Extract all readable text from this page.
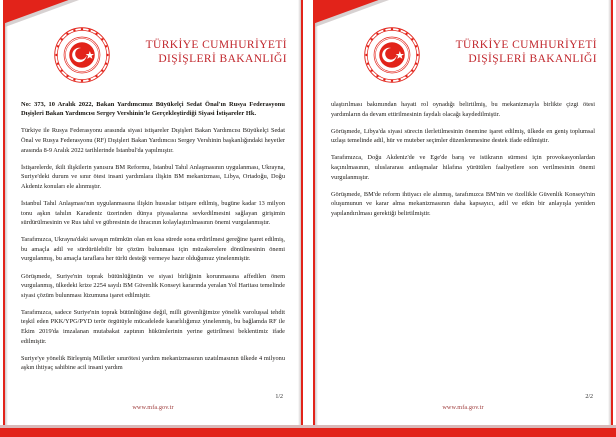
TÜRKİYE CUMHURİYETİ
DIŞİŞLERİ BAKANLIĞI
No: 373, 10 Aralık 2022, Bakan Yardımcımız Büyükelçi Sedat Önal'ın Rusya Federasyonu Dışişleri Bakan Yardımcısı Sergey Vershinin'le Gerçekleştirdiği Siyasi İstişareler Hk.

Türkiye ile Rusya Federasyonu arasında siyasi istişareler Dışişleri Bakan Yardımcısı Büyükelçi Sedat Önal ve Rusya Federasyonu (RF) Dışişleri Bakan Yardımcısı Sergey Vershinin başkanlığındaki heyetler arasında 8-9 Aralık 2022 tarihlerinde İstanbul'da yapılmıştır.

İstişarelerde, ikili ilişkilerin yanısıra BM Reformu, İstanbul Tahıl Anlaşmasının uygulanması, Ukrayna, Suriye'deki durum ve sınır ötesi insani yardımlara ilişkin BM mekanizması, Libya, Ortadoğu, Doğu Akdeniz konuları ele alınmıştır.

İstanbul Tahıl Anlaşması'nın uygulanmasına ilişkin hususlar istişare edilmiş, bugüne kadar 13 milyon tonu aşkın tahılın Karadeniz üzerinden dünya piyasalarına sevkedilmesini sağlayan girişimin sürdürülmesinin ve Rus tahıl ve gübresinin de ihracının kolaylaştırılmasının önemi vurgulanmıştır.

Tarafımızca, Ukrayna'daki savaşın mümkün olan en kısa sürede sona erdirilmesi gereğine işaret edilmiş, bu amaçla adil ve sürdürülebilir bir çözüm bulunması için müzakerelere dönülmesinin önemi vurgulanmış, bu amaçla taraflara her türlü desteği vermeye hazır olduğumuz yinelenmiştir.

Görüşmede, Suriye'nin toprak bütünlüğünün ve siyasi birliğinin korunmasına affedilen önem vurgulanmış, ülkedeki krize 2254 sayılı BM Güvenlik Konseyi kararında yeralan Yol Haritası temelinde siyasi çözüm bulunması lüzumuna işaret edilmiştir.

Tarafımızca, sadece Suriye'nin toprak bütünlüğüne değil, milli güvenliğimize yönelik varoluşsal tehdit teşkil eden PKK/YPG/PYD terör örgütüyle mücadelede kararlılığımız yinelenmiş, bu bağlamda RF ile Ekim 2019'da imzalanan mutabakat zaptının hükümlerinin yerine getirilmesi beklentimiz ifade edilmiştir.

Suriye'ye yönelik Birleşmiş Milletler sınırötesi yardım mekanizmasının uzatılmasının ülkede 4 milyonu aşkın ihtiyaç sahibine acil insani yardım

1/2
www.mfa.gov.tr
TÜRKİYE CUMHURİYETİ
DIŞİŞLERİ BAKANLIĞI

ulaştırılması bakımından hayati rol oynadığı belirtilmiş, bu mekanizmayla birlikte çizgi ötesi yardımların da devam ettirilmesinin faydalı olacağı kaydedilmiştir.

Görüşmede, Libya'da siyasi sürecin ilerletilmesinin önemine işaret edilmiş, ülkede en geniş toplumsal uzlaşı temelinde adil, hür ve muteber seçimler düzenlenmesine destek ifade edilmiştir.

Tarafımızca, Doğu Akdeniz'de ve Ege'de barış ve istikrarın sürmesi için provokasyonlardan kaçınılmasının, uluslararası antlaşmalar hilafına yürütülen faaliyetlere son verilmesinin önemi vurgulanmıştır.

Görüşmede, BM'de reform ihtiyacı ele alınmış, tarafımızca BM'nin ve özellikle Güvenlik Konseyi'nin oluşumunun ve karar alma mekanizmasının daha kapsayıcı, adil ve etkin bir anlayışla yeniden yapılandırılması gerektiği belirtilmiştir.

2/2
www.mfa.gov.tr
